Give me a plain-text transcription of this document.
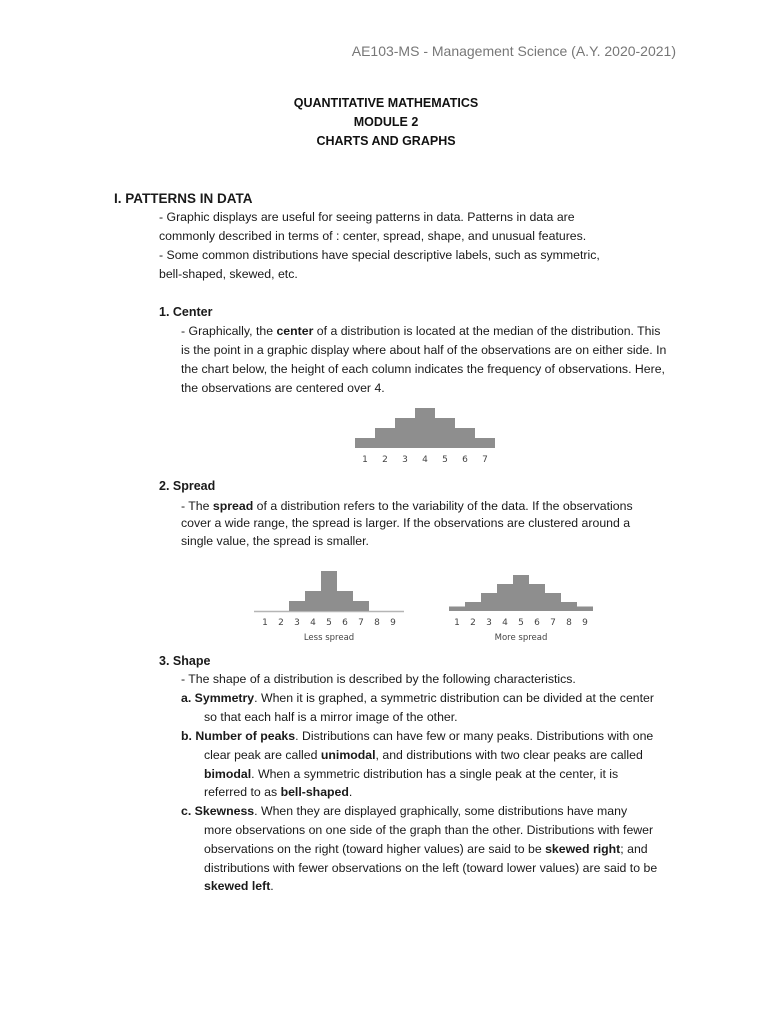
AE103-MS - Management Science (A.Y. 2020-2021)
QUANTITATIVE MATHEMATICS
MODULE 2
CHARTS AND GRAPHS
I. PATTERNS IN DATA
- Graphic displays are useful for seeing patterns in data. Patterns in data are
commonly described in terms of : center, spread, shape, and unusual features.
- Some common distributions have special descriptive labels, such as symmetric,
bell-shaped, skewed, etc.
1. Center
- Graphically, the center of a distribution is located at the median of the distribution. This
is the point in a graphic display where about half of the observations are on either side. In
the chart below, the height of each column indicates the frequency of observations. Here,
the observations are centered over 4.
1 2 3 4 5 6 7
2. Spread
- The spread of a distribution refers to the variability of the data. If the observations
cover a wide range, the spread is larger. If the observations are clustered around a
single value, the spread is smaller.
1 2 3 4 5 6 7 8 9
Less spread
1 2 3 4 5 6 7 8 9
More spread
3. Shape
- The shape of a distribution is described by the following characteristics.
a. Symmetry. When it is graphed, a symmetric distribution can be divided at the center
so that each half is a mirror image of the other.
b. Number of peaks. Distributions can have few or many peaks. Distributions with one
clear peak are called unimodal, and distributions with two clear peaks are called
bimodal. When a symmetric distribution has a single peak at the center, it is
referred to as bell-shaped.
c. Skewness. When they are displayed graphically, some distributions have many
more observations on one side of the graph than the other. Distributions with fewer
observations on the right (toward higher values) are said to be skewed right; and
distributions with fewer observations on the left (toward lower values) are said to be
skewed left.
